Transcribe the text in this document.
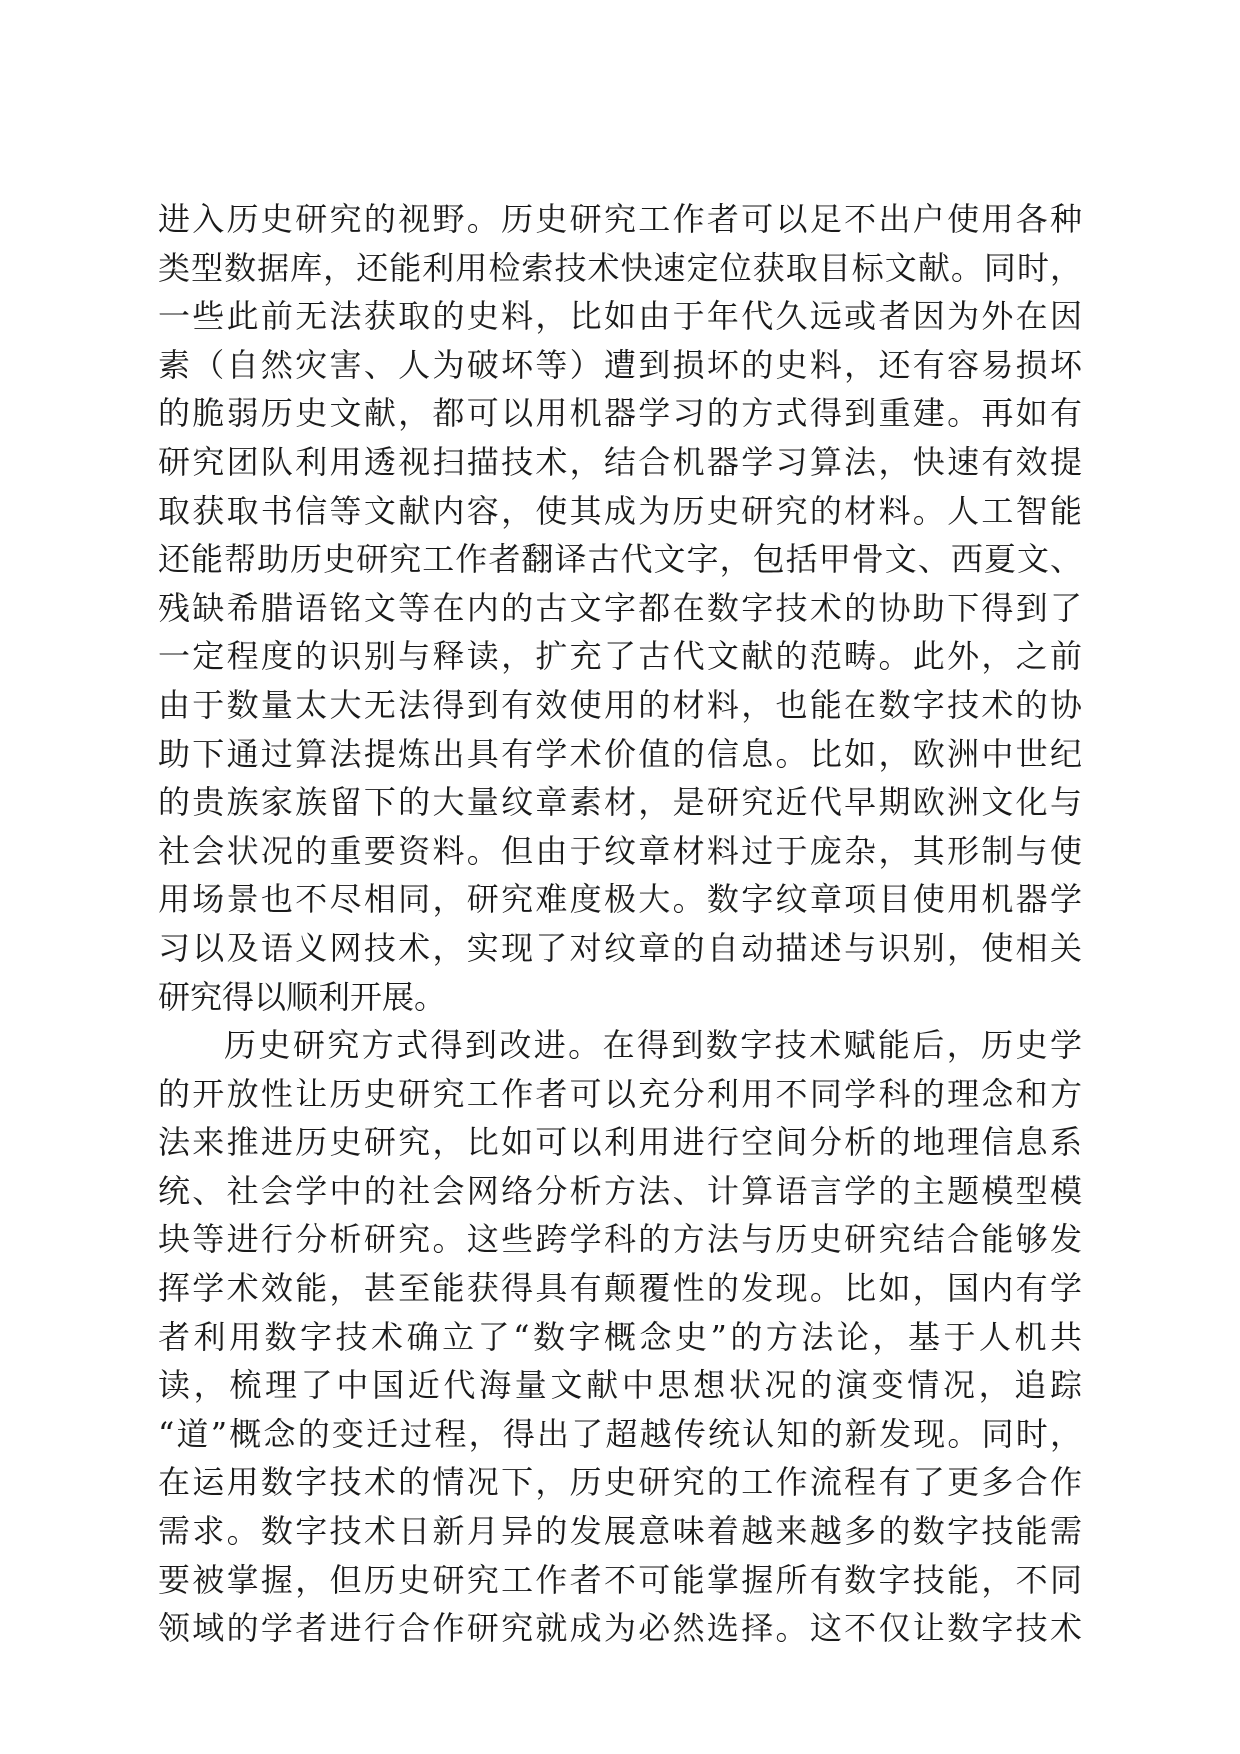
进入历史研究的视野。历史研究工作者可以足不出户使用各种
类型数据库，还能利用检索技术快速定位获取目标文献。同时，
一些此前无法获取的史料，比如由于年代久远或者因为外在因
素（自然灾害、人为破坏等）遭到损坏的史料，还有容易损坏
的脆弱历史文献，都可以用机器学习的方式得到重建。再如有
研究团队利用透视扫描技术，结合机器学习算法，快速有效提
取获取书信等文献内容，使其成为历史研究的材料。人工智能
还能帮助历史研究工作者翻译古代文字，包括甲骨文、西夏文、
残缺希腊语铭文等在内的古文字都在数字技术的协助下得到了
一定程度的识别与释读，扩充了古代文献的范畴。此外，之前
由于数量太大无法得到有效使用的材料，也能在数字技术的协
助下通过算法提炼出具有学术价值的信息。比如，欧洲中世纪
的贵族家族留下的大量纹章素材，是研究近代早期欧洲文化与
社会状况的重要资料。但由于纹章材料过于庞杂，其形制与使
用场景也不尽相同，研究难度极大。数字纹章项目使用机器学
习以及语义网技术，实现了对纹章的自动描述与识别，使相关
研究得以顺利开展。
历史研究方式得到改进。在得到数字技术赋能后，历史学
的开放性让历史研究工作者可以充分利用不同学科的理念和方
法来推进历史研究，比如可以利用进行空间分析的地理信息系
统、社会学中的社会网络分析方法、计算语言学的主题模型模
块等进行分析研究。这些跨学科的方法与历史研究结合能够发
挥学术效能，甚至能获得具有颠覆性的发现。比如，国内有学
者利用数字技术确立了“数字概念史”的方法论，基于人机共
读，梳理了中国近代海量文献中思想状况的演变情况，追踪
“道”概念的变迁过程，得出了超越传统认知的新发现。同时，
在运用数字技术的情况下，历史研究的工作流程有了更多合作
需求。数字技术日新月异的发展意味着越来越多的数字技能需
要被掌握，但历史研究工作者不可能掌握所有数字技能，不同
领域的学者进行合作研究就成为必然选择。这不仅让数字技术
